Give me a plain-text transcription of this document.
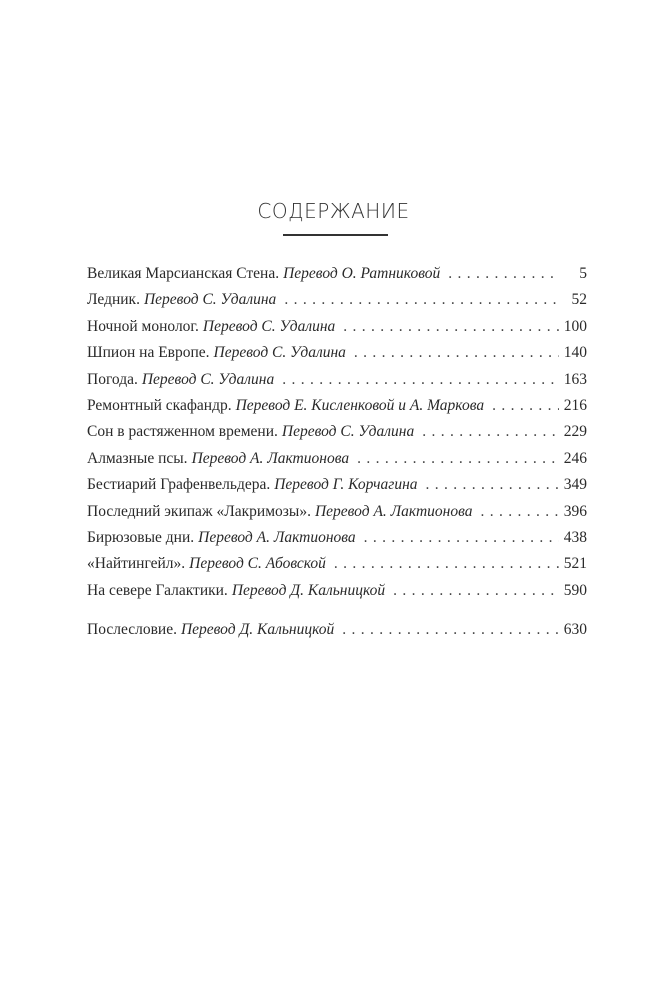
СОДЕРЖАНИЕ
Великая Марсианская Стена. Перевод О. Ратниковой . . .	5
Ледник. Перевод С. Удалина . . .	52
Ночной монолог. Перевод С. Удалина . . .	100
Шпион на Европе. Перевод С. Удалина . . .	140
Погода. Перевод С. Удалина . . .	163
Ремонтный скафандр. Перевод Е. Кисленковой и А. Маркова . . .	216
Сон в растяженном времени. Перевод С. Удалина . . .	229
Алмазные псы. Перевод А. Лактионова . . .	246
Бестиарий Графенвельдера. Перевод Г. Корчагина . . .	349
Последний экипаж «Лакримозы». Перевод А. Лактионова . . .	396
Бирюзовые дни. Перевод А. Лактионова . . .	438
«Найтингейл». Перевод С. Абовской . . .	521
На севере Галактики. Перевод Д. Кальницкой . . .	590
Послесловие. Перевод Д. Кальницкой . . .	630
